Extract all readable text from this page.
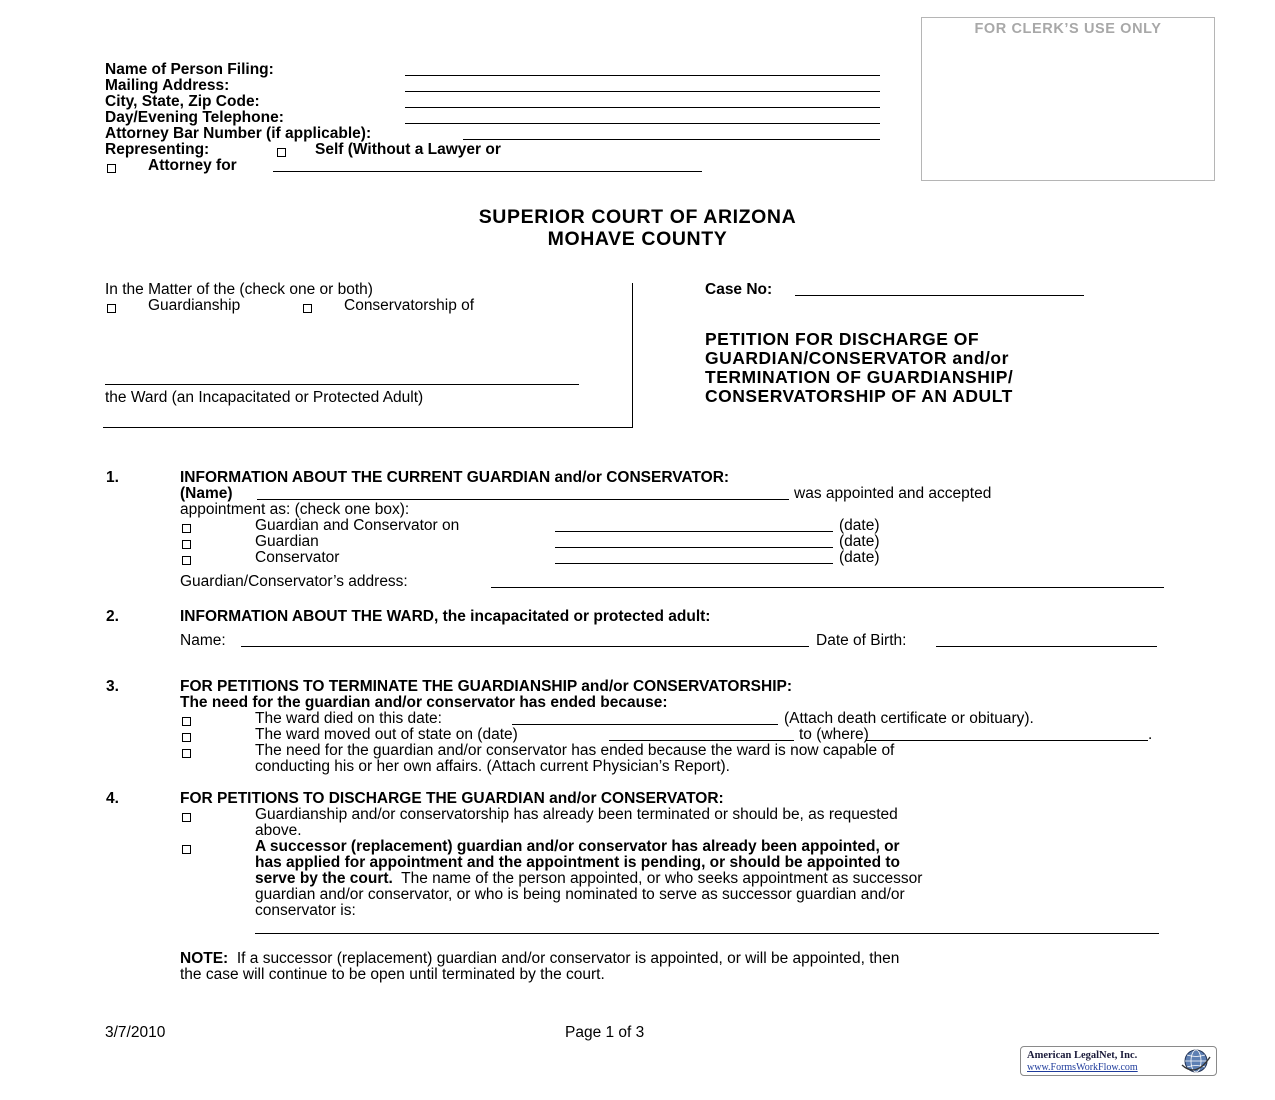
FOR CLERK’S USE ONLY
Name of Person Filing:
Mailing Address:
City, State, Zip Code:
Day/Evening Telephone:
Attorney Bar Number (if applicable):
Representing:	Self (Without a Lawyer or
Attorney for
SUPERIOR COURT OF ARIZONA
MOHAVE COUNTY
In the Matter of the (check one or both)
Guardianship	Conservatorship of
the Ward (an Incapacitated or Protected Adult)
Case No:
PETITION FOR DISCHARGE OF
GUARDIAN/CONSERVATOR and/or
TERMINATION OF GUARDIANSHIP/
CONSERVATORSHIP OF AN ADULT
1.	INFORMATION ABOUT THE CURRENT GUARDIAN and/or CONSERVATOR:
(Name)	was appointed and accepted
appointment as: (check one box):
Guardian and Conservator on	(date)
Guardian	(date)
Conservator	(date)
Guardian/Conservator’s address:
2.	INFORMATION ABOUT THE WARD, the incapacitated or protected adult:
Name:	Date of Birth:
3.	FOR PETITIONS TO TERMINATE THE GUARDIANSHIP and/or CONSERVATORSHIP:
The need for the guardian and/or conservator has ended because:
The ward died on this date:	(Attach death certificate or obituary).
The ward moved out of state on (date)	to (where)	.
The need for the guardian and/or conservator has ended because the ward is now capable of
conducting his or her own affairs. (Attach current Physician’s Report).
4.	FOR PETITIONS TO DISCHARGE THE GUARDIAN and/or CONSERVATOR:
Guardianship and/or conservatorship has already been terminated or should be, as requested
above.
A successor (replacement) guardian and/or conservator has already been appointed, or
has applied for appointment and the appointment is pending, or should be appointed to
serve by the court. The name of the person appointed, or who seeks appointment as successor
guardian and/or conservator, or who is being nominated to serve as successor guardian and/or
conservator is:
NOTE: If a successor (replacement) guardian and/or conservator is appointed, or will be appointed, then
the case will continue to be open until terminated by the court.
3/7/2010	Page 1 of 3
American LegalNet, Inc.
www.FormsWorkFlow.com
